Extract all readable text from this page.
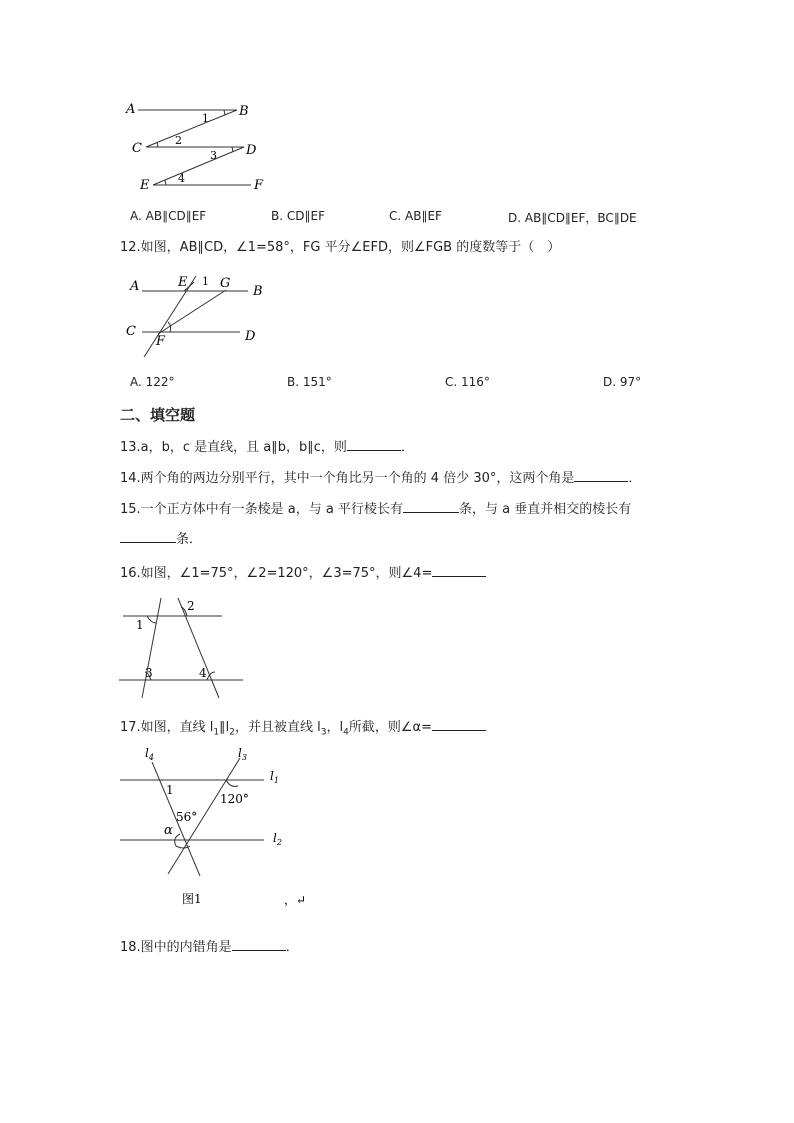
A	B
C	D
E	F
1
2
3
4
A. AB∥CD∥EF	B. CD∥EF	C. AB∥EF	D. AB∥CD∥EF，BC∥DE
12.如图，AB∥CD，∠1=58°，FG 平分∠EFD，则∠FGB 的度数等于（　）
A	B
C	D
E
F
G
1
A. 122°	B. 151°	C. 116°	D. 97°
二、填空题
13.a，b，c 是直线，且 a∥b，b∥c，则	．
14.两个角的两边分别平行，其中一个角比另一个角的 4 倍少 30°，这两个角是	．
15.一个正方体中有一条棱是 a，与 a 平行棱长有	条，与 a 垂直并相交的棱长有
条．
16.如图，∠1=75°，∠2=120°，∠3=75°，则∠4=
1
2
3	4
17.如图，直线 $l_1\parallel l_2$，并且被直线 $l_3$，$l_4$所截，则∠α=
$l_4$	$l_3$
$l_1$
$l_2$
1
120°
56°
α
图1	，↵
18.图中的内错角是	．
